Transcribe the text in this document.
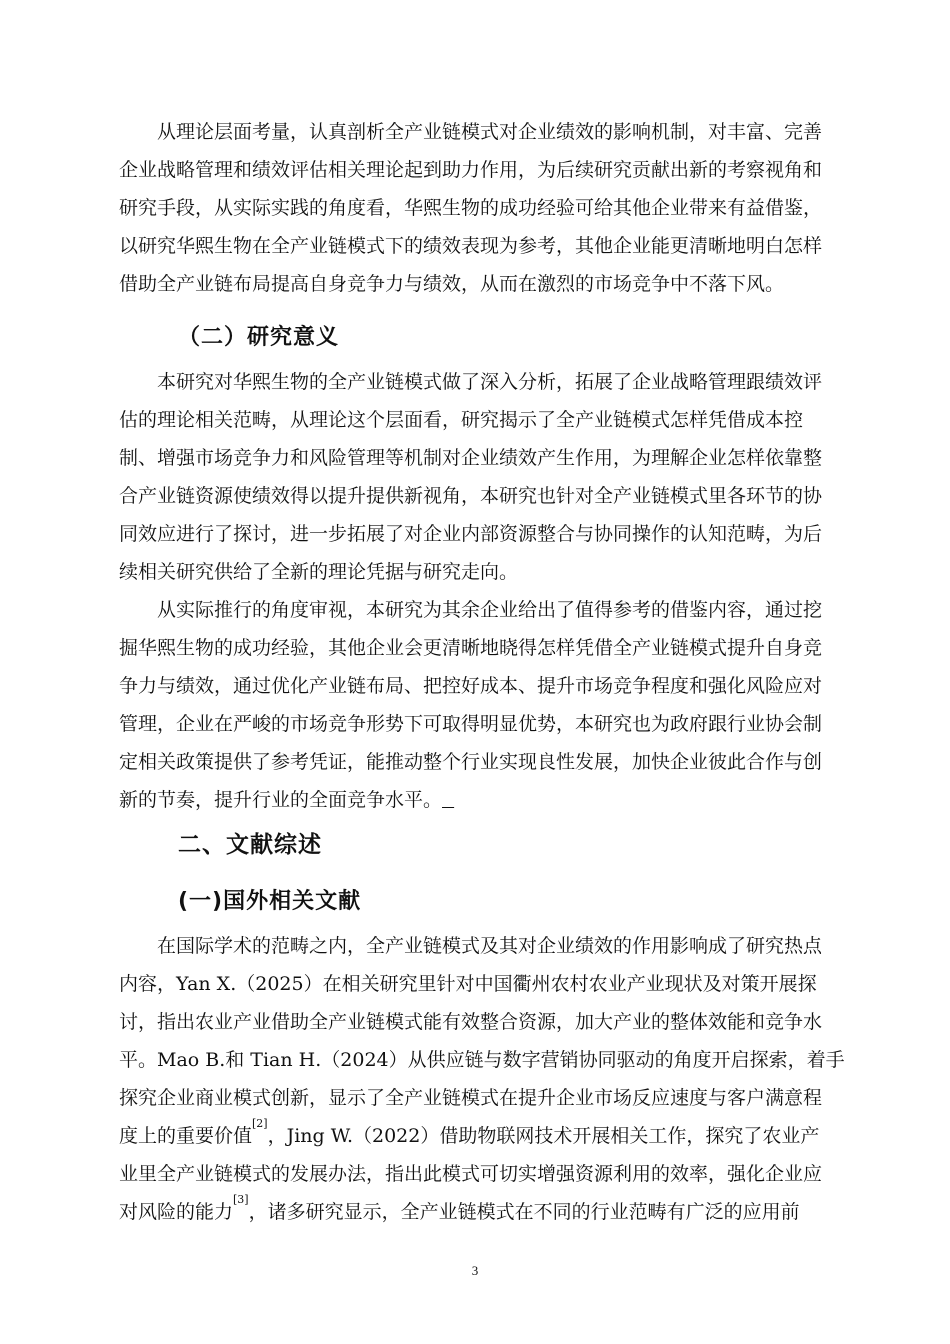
从理论层面考量，认真剖析全产业链模式对企业绩效的影响机制，对丰富、完善
企业战略管理和绩效评估相关理论起到助力作用，为后续研究贡献出新的考察视角和
研究手段，从实际实践的角度看，华熙生物的成功经验可给其他企业带来有益借鉴，
以研究华熙生物在全产业链模式下的绩效表现为参考，其他企业能更清晰地明白怎样
借助全产业链布局提高自身竞争力与绩效，从而在激烈的市场竞争中不落下风。

（二）研究意义

本研究对华熙生物的全产业链模式做了深入分析，拓展了企业战略管理跟绩效评
估的理论相关范畴，从理论这个层面看，研究揭示了全产业链模式怎样凭借成本控
制、增强市场竞争力和风险管理等机制对企业绩效产生作用，为理解企业怎样依靠整
合产业链资源使绩效得以提升提供新视角，本研究也针对全产业链模式里各环节的协
同效应进行了探讨，进一步拓展了对企业内部资源整合与协同操作的认知范畴，为后
续相关研究供给了全新的理论凭据与研究走向。

从实际推行的角度审视，本研究为其余企业给出了值得参考的借鉴内容，通过挖
掘华熙生物的成功经验，其他企业会更清晰地晓得怎样凭借全产业链模式提升自身竞
争力与绩效，通过优化产业链布局、把控好成本、提升市场竞争程度和强化风险应对
管理，企业在严峻的市场竞争形势下可取得明显优势，本研究也为政府跟行业协会制
定相关政策提供了参考凭证，能推动整个行业实现良性发展，加快企业彼此合作与创
新的节奏，提升行业的全面竞争水平。

二、文献综述
(一)国外相关文献

在国际学术的范畴之内，全产业链模式及其对企业绩效的作用影响成了研究热点
内容，Yan X.（2025）在相关研究里针对中国衢州农村农业产业现状及对策开展探
讨，指出农业产业借助全产业链模式能有效整合资源，加大产业的整体效能和竞争水
平。Mao B.和 Tian H.（2024）从供应链与数字营销协同驱动的角度开启探索，着手
探究企业商业模式创新，显示了全产业链模式在提升企业市场反应速度与客户满意程
度上的重要价值[2]，Jing W.（2022）借助物联网技术开展相关工作，探究了农业产
业里全产业链模式的发展办法，指出此模式可切实增强资源利用的效率，强化企业应
对风险的能力[3]，诸多研究显示，全产业链模式在不同的行业范畴有广泛的应用前

3
